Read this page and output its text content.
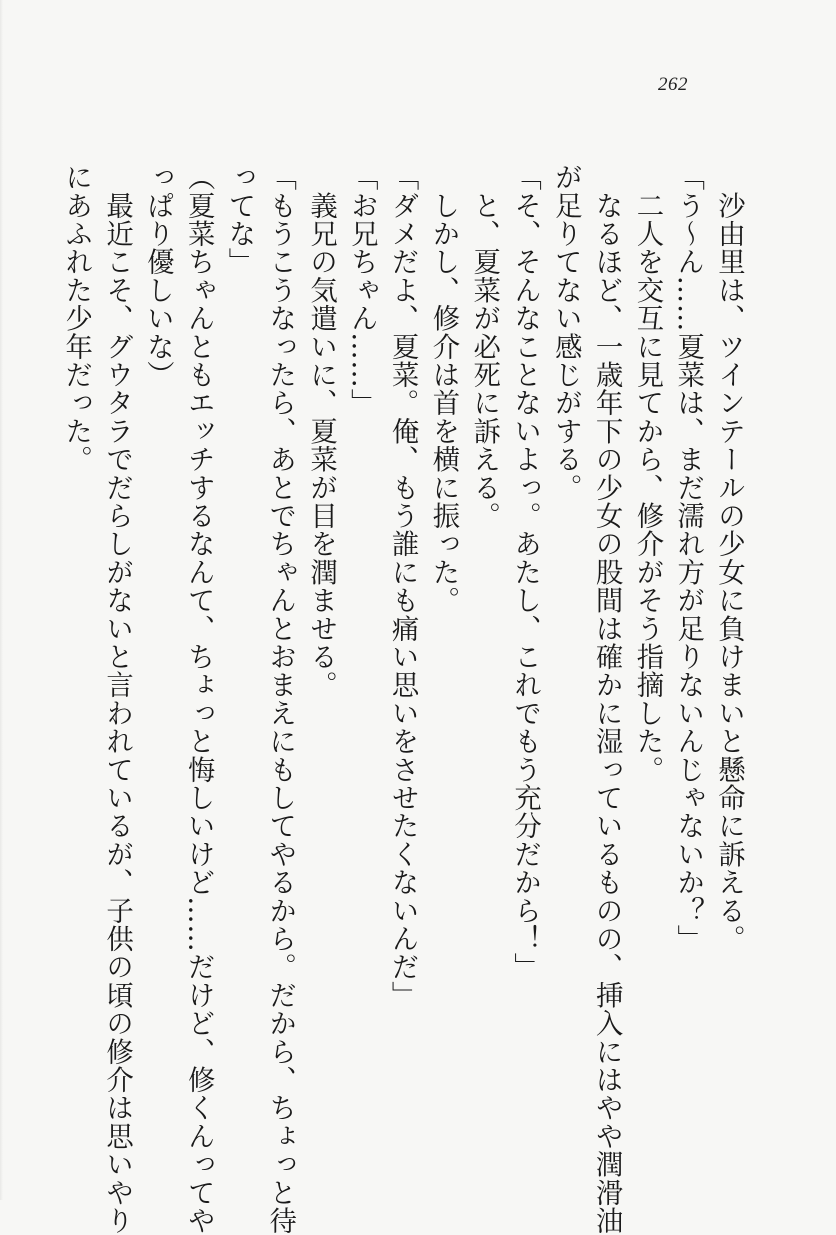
262
　沙由里は、ツインテールの少女に負けまいと懸命に訴える。
「う〜ん……夏菜は、まだ濡れ方が足りないんじゃないか？」
　二人を交互に見てから、修介がそう指摘した。
　なるほど、一歳年下の少女の股間は確かに湿っているものの、挿入にはやや潤滑油
が足りてない感じがする。
「そ、そんなことないよっ。あたし、これでもう充分だから！」
　と、夏菜が必死に訴える。
　しかし、修介は首を横に振った。
「ダメだよ、夏菜。俺、もう誰にも痛い思いをさせたくないんだ」
「お兄ちゃん……」
　義兄の気遣いに、夏菜が目を潤ませる。
「もうこうなったら、あとでちゃんとおまえにもしてやるから。だから、ちょっと待
ってな」
（夏菜ちゃんともエッチするなんて、ちょっと悔しいけど……だけど、修くんってや
っぱり優しいな）
　最近こそ、グウタラでだらしがないと言われているが、子供の頃の修介は思いやり
にあふれた少年だった。
